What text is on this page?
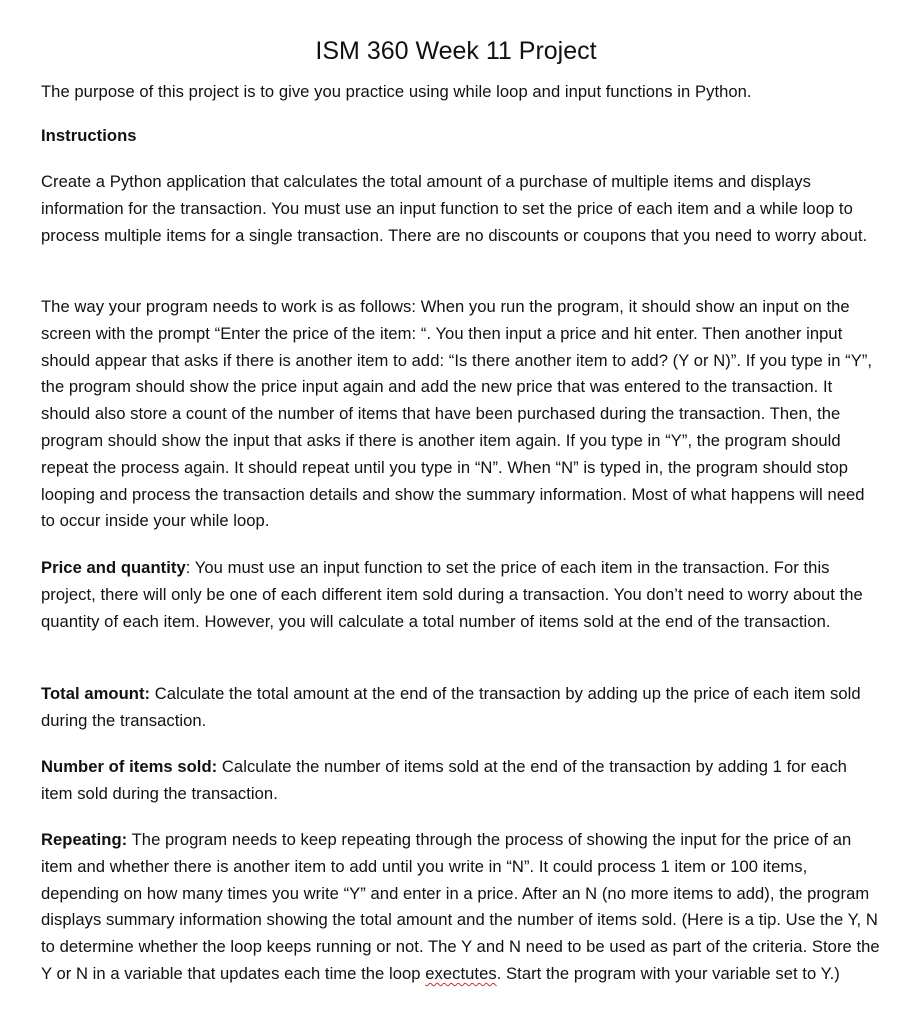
ISM 360 Week 11 Project

The purpose of this project is to give you practice using while loop and input functions in Python.

Instructions

Create a Python application that calculates the total amount of a purchase of multiple items and displays information for the transaction. You must use an input function to set the price of each item and a while loop to process multiple items for a single transaction. There are no discounts or coupons that you need to worry about.

The way your program needs to work is as follows: When you run the program, it should show an input on the screen with the prompt “Enter the price of the item: “. You then input a price and hit enter. Then another input should appear that asks if there is another item to add: “Is there another item to add? (Y or N)”. If you type in “Y”, the program should show the price input again and add the new price that was entered to the transaction. It should also store a count of the number of items that have been purchased during the transaction. Then, the program should show the input that asks if there is another item again. If you type in “Y”, the program should repeat the process again. It should repeat until you type in “N”. When “N” is typed in, the program should stop looping and process the transaction details and show the summary information. Most of what happens will need to occur inside your while loop.

Price and quantity: You must use an input function to set the price of each item in the transaction. For this project, there will only be one of each different item sold during a transaction. You don’t need to worry about the quantity of each item. However, you will calculate a total number of items sold at the end of the transaction.

Total amount: Calculate the total amount at the end of the transaction by adding up the price of each item sold during the transaction.

Number of items sold: Calculate the number of items sold at the end of the transaction by adding 1 for each item sold during the transaction.

Repeating: The program needs to keep repeating through the process of showing the input for the price of an item and whether there is another item to add until you write in “N”. It could process 1 item or 100 items, depending on how many times you write “Y” and enter in a price. After an N (no more items to add), the program displays summary information showing the total amount and the number of items sold. (Here is a tip. Use the Y, N to determine whether the loop keeps running or not. The Y and N need to be used as part of the criteria. Store the Y or N in a variable that updates each time the loop exectutes. Start the program with your variable set to Y.)
